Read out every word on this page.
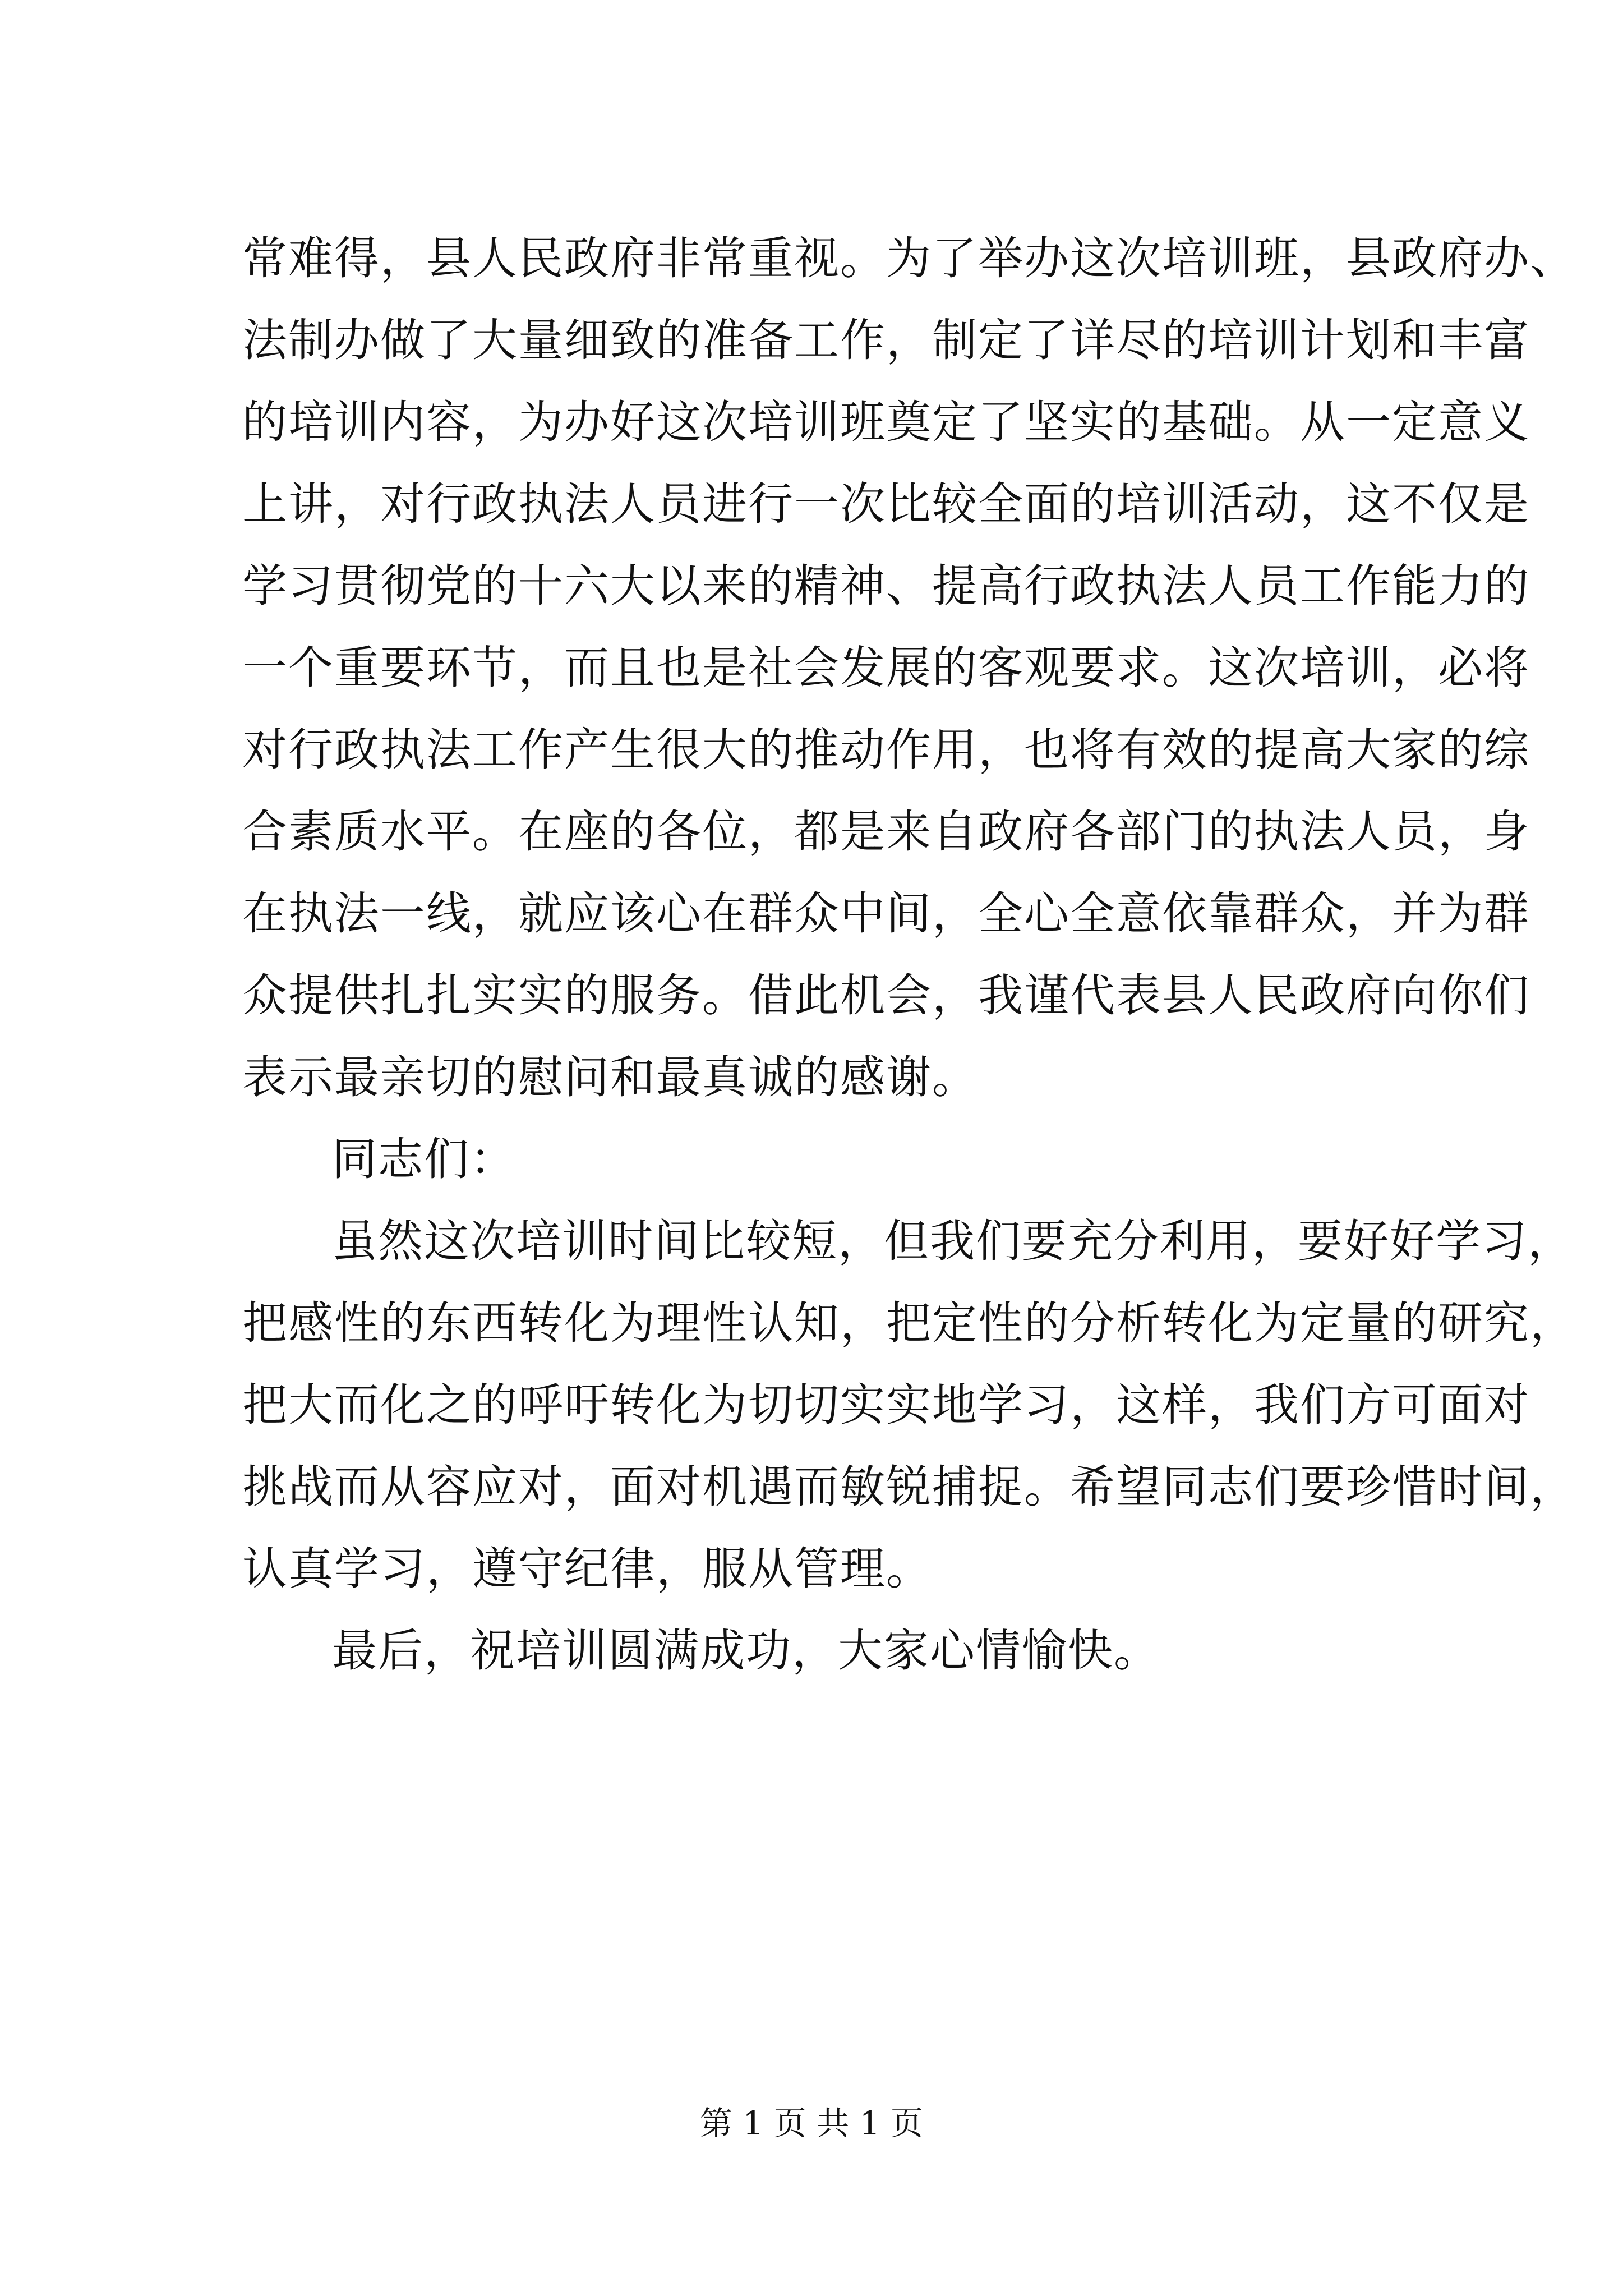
常难得，县人民政府非常重视。为了举办这次培训班，县政府办、
法制办做了大量细致的准备工作，制定了详尽的培训计划和丰富
的培训内容，为办好这次培训班奠定了坚实的基础。从一定意义
上讲，对行政执法人员进行一次比较全面的培训活动，这不仅是
学习贯彻党的十六大以来的精神、提高行政执法人员工作能力的
一个重要环节，而且也是社会发展的客观要求。这次培训，必将
对行政执法工作产生很大的推动作用，也将有效的提高大家的综
合素质水平。在座的各位，都是来自政府各部门的执法人员，身
在执法一线，就应该心在群众中间，全心全意依靠群众，并为群
众提供扎扎实实的服务。借此机会，我谨代表县人民政府向你们
表示最亲切的慰问和最真诚的感谢。
同志们：
虽然这次培训时间比较短，但我们要充分利用，要好好学习，
把感性的东西转化为理性认知，把定性的分析转化为定量的研究，
把大而化之的呼吁转化为切切实实地学习，这样，我们方可面对
挑战而从容应对，面对机遇而敏锐捕捉。希望同志们要珍惜时间，
认真学习，遵守纪律，服从管理。
最后，祝培训圆满成功，大家心情愉快。
第 1 页 共 1 页
